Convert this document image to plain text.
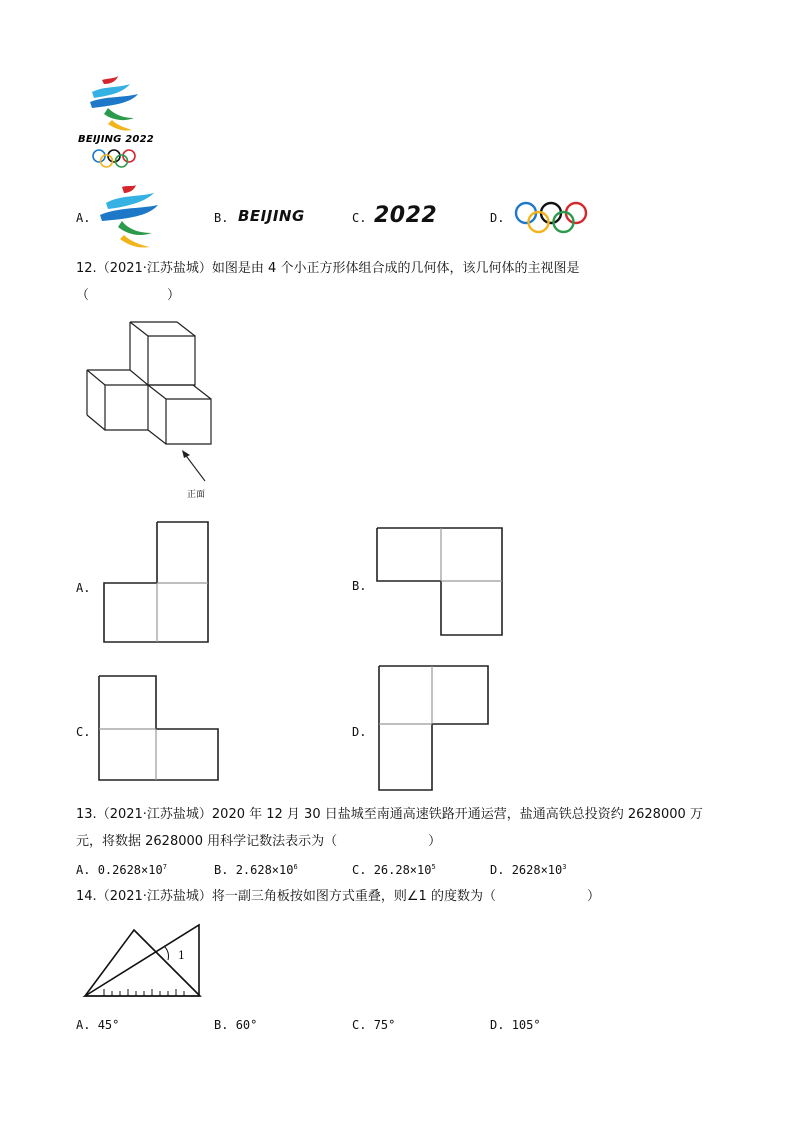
BEIJING 2022
A.	B. BEIJING	C. 2022	D.
12.（2021·江苏盐城）如图是由 4 个小正方形体组合成的几何体，该几何体的主视图是
（　　　　　　）
正面
A.	B.
C.	D.
13.（2021·江苏盐城）2020 年 12 月 30 日盐城至南通高速铁路开通运营，盐通高铁总投资约 2628000 万
元，将数据 2628000 用科学记数法表示为（　　　　　　　）
A. $0.2628\times 10^7$	B. $2.628\times 10^6$	C. $26.28\times 10^5$	D. $2628\times 10^3$
14.（2021·江苏盐城）将一副三角板按如图方式重叠，则∠1 的度数为（　　　　　　　）
1
A. 45°	B. 60°	C. 75°	D. 105°
